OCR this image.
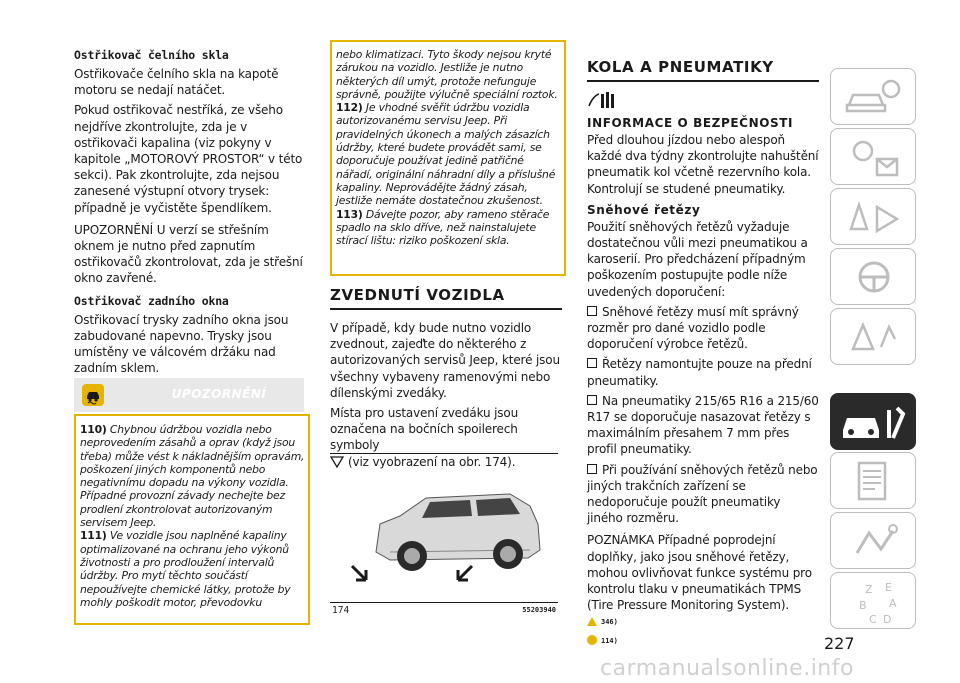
Ostřikovač čelního skla

Ostřikovače čelního skla na kapotě motoru se nedají natáčet.

Pokud ostřikovač nestříká, ze všeho nejdříve zkontrolujte, zda je v ostřikovači kapalina (viz pokyny v kapitole „MOTOROVÝ PROSTOR“ v této sekci). Pak zkontrolujte, zda nejsou zanesené výstupní otvory trysek: případně je vyčistěte špendlíkem.

UPOZORNĚNÍ U verzí se střešním oknem je nutno před zapnutím ostřikovačů zkontrolovat, zda je střešní okno zavřené.

Ostřikovač zadního okna

Ostřikovací trysky zadního okna jsou zabudované napevno. Trysky jsou umístěny ve válcovém držáku nad zadním sklem.

UPOZORNĚNÍ

110) Chybnou údržbou vozidla nebo neprovedením zásahů a oprav (když jsou třeba) může vést k nákladnějším opravám, poškození jiných komponentů nebo negativnímu dopadu na výkony vozidla. Případné provozní závady nechejte bez prodlení zkontrolovat autorizovaným servisem Jeep.

111) Ve vozidle jsou naplněné kapaliny optimalizované na ochranu jeho výkonů životnosti a pro prodloužení intervalů údržby. Pro mytí těchto součástí nepoužívejte chemické látky, protože by mohly poškodit motor, převodovku

nebo klimatizaci. Tyto škody nejsou kryté zárukou na vozidlo. Jestliže je nutno některých díl umýt, protože nefunguje správně, použijte výlučně speciální roztok.

112) Je vhodné svěřit údržbu vozidla autorizovanému servisu Jeep. Při pravidelných úkonech a malých zásazích údržby, které budete provádět sami, se doporučuje používat jedině patřičné nářadí, originální náhradní díly a příslušné kapaliny. Neprovádějte žádný zásah, jestliže nemáte dostatečnou zkušenost.

113) Dávejte pozor, aby rameno stěrače spadlo na sklo dříve, než nainstalujete stírací lištu: riziko poškození skla.

ZVEDNUTÍ VOZIDLA

V případě, kdy bude nutno vozidlo zvednout, zajeďte do některého z autorizovaných servisů Jeep, které jsou všechny vybaveny ramenovými nebo dílenskými zvedáky.

Místa pro ustavení zvedáku jsou označena na bočních spoilerech symboly
(viz vyobrazení na obr. 174).

174	55203940
KOLA A PNEUMATIKY
INFORMACE O BEZPEČNOSTI

Před dlouhou jízdou nebo alespoň každé dva týdny zkontrolujte nahuštění pneumatik kol včetně rezervního kola. Kontrolují se studené pneumatiky.

Sněhové řetězy

Použití sněhových řetězů vyžaduje dostatečnou vůli mezi pneumatikou a karoserií. Pro předcházení případným poškozením postupujte podle níže uvedených doporučení:

Sněhové řetězy musí mít správný rozměr pro dané vozidlo podle doporučení výrobce řetězů.

Řetězy namontujte pouze na přední pneumatiky.

Na pneumatiky 215/65 R16 a 215/60 R17 se doporučuje nasazovat řetězy s maximálním přesahem 7 mm přes profil pneumatiky.

Při používání sněhových řetězů nebo jiných trakčních zařízení se nedoporučuje použít pneumatiky jiného rozměru.

POZNÁMKA Případné poprodejní doplňky, jako jsou sněhové řetězy, mohou ovlivňovat funkce systému pro kontrolu tlaku v pneumatikách TPMS (Tire Pressure Monitoring System).

346)
114)
Z E
B A
C D
227
carmanualsonline.info
